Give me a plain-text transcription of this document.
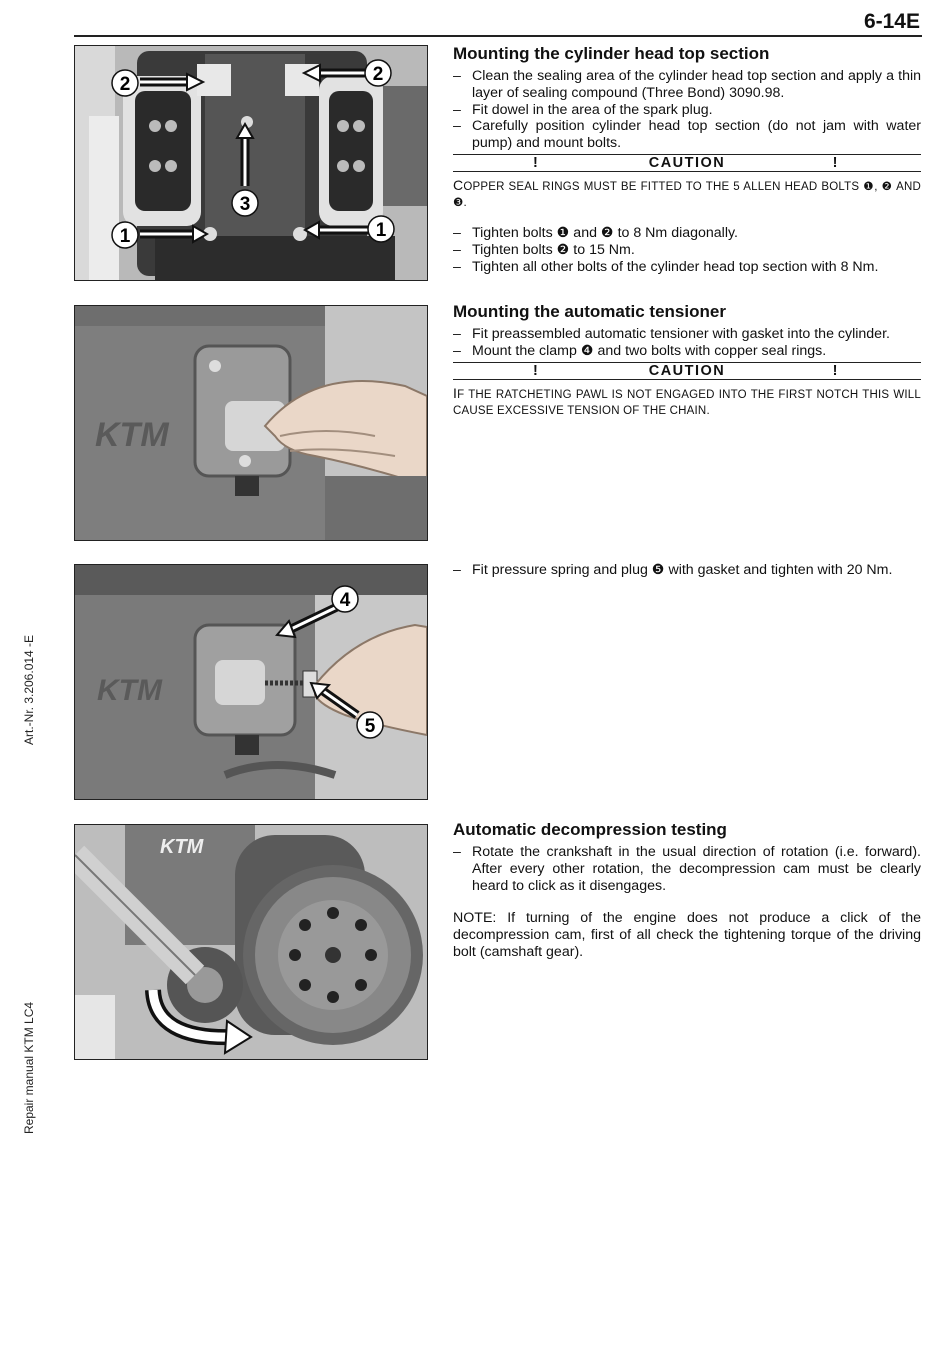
6-14E
Art.-Nr. 3.206.014 -E
Repair manual KTM LC4
2	2
3
1	1
KTM
KTM
4
5
KTM
Mounting the cylinder head top section
– Clean the sealing area of the cylinder head top section and apply a thin layer of sealing compound (Three Bond) 3090.98.
– Fit dowel in the area of the spark plug.
– Carefully position cylinder head top section (do not jam with water pump) and mount bolts.
!	CAUTION	!
COPPER SEAL RINGS MUST BE FITTED TO THE 5 ALLEN HEAD BOLTS ❶, ❷ AND ❸.
– Tighten bolts ❶ and ❷ to 8 Nm diagonally.
– Tighten bolts ❷ to 15 Nm.
– Tighten all other bolts of the cylinder head top section with 8 Nm.
Mounting the automatic tensioner
– Fit preassembled automatic tensioner with gasket into the cylinder.
– Mount the clamp ❹ and two bolts with copper seal rings.
!	CAUTION	!
IF THE RATCHETING PAWL IS NOT ENGAGED INTO THE FIRST NOTCH THIS WILL CAUSE EXCESSIVE TENSION OF THE CHAIN.
– Fit pressure spring and plug ❺ with gasket and tighten with 20 Nm.
Automatic decompression testing
– Rotate the crankshaft in the usual direction of rotation (i.e. forward). After every other rotation, the decompression cam must be clearly heard to click as it disengages.
NOTE: If turning of the engine does not produce a click of the decompression cam, first of all check the tightening torque of the driving bolt (camshaft gear).
